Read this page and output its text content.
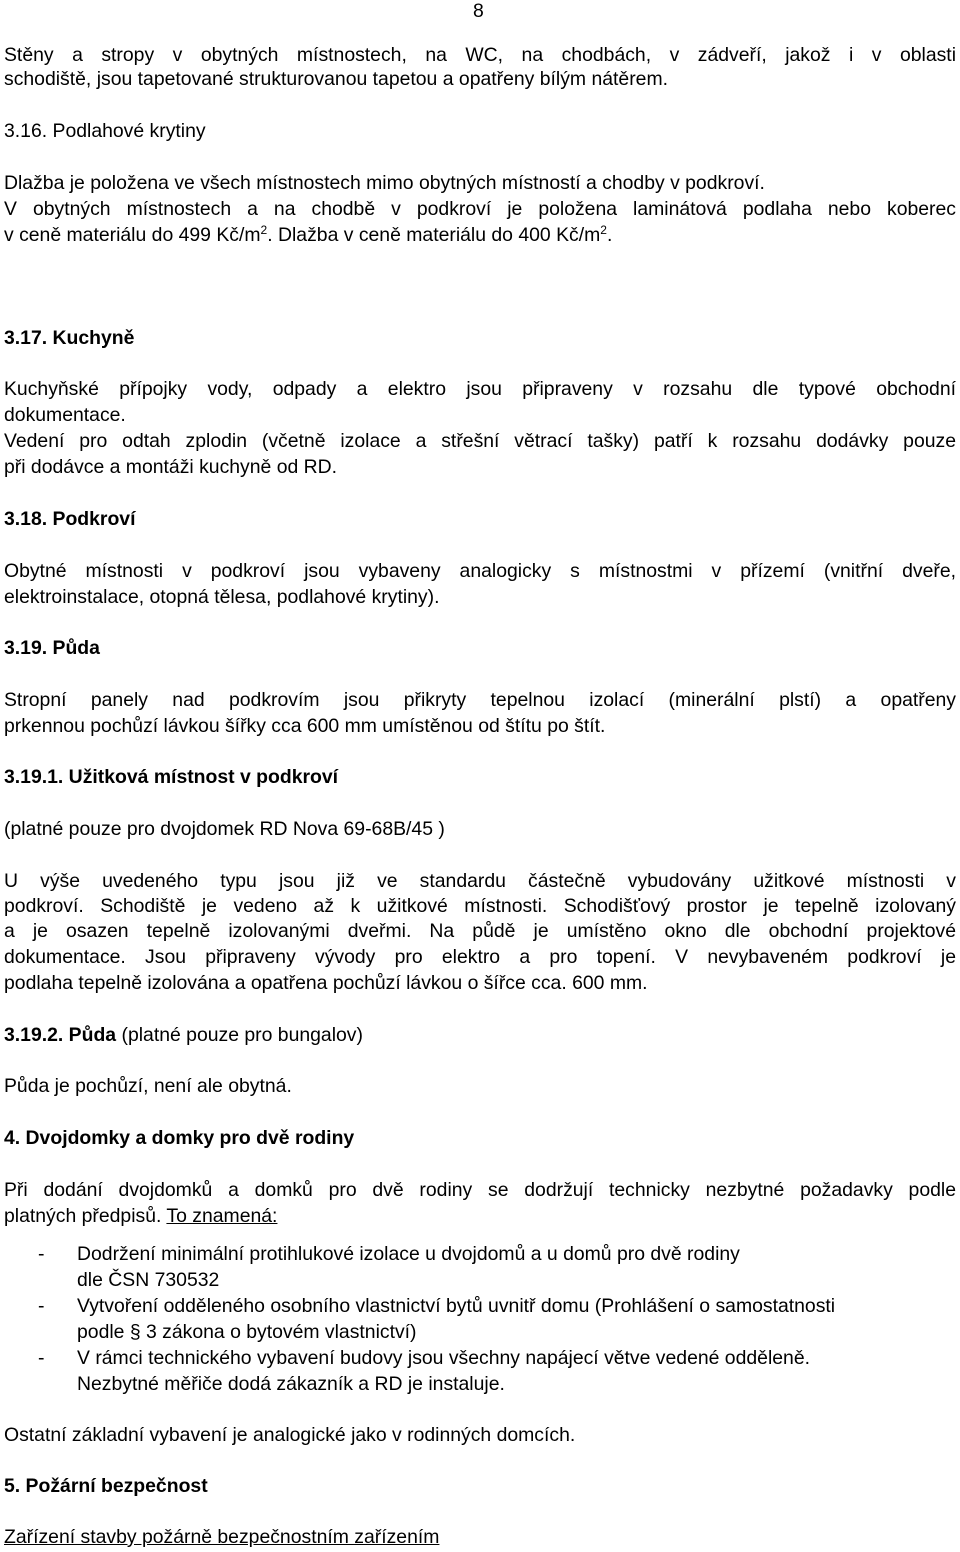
8
Stěny a stropy v obytných místnostech, na WC, na chodbách, v zádveří, jakož i v oblasti
schodiště, jsou tapetované strukturovanou tapetou a opatřeny bílým nátěrem.
3.16. Podlahové krytiny
Dlažba je položena ve všech místnostech mimo obytných místností a chodby v podkroví.
V obytných místnostech a na chodbě v podkroví je položena laminátová podlaha nebo koberec
v ceně materiálu do 499 $Kč/m^2$. Dlažba v ceně materiálu do 400 $Kč/m^2$.
3.17. Kuchyně
Kuchyňské přípojky vody, odpady a elektro jsou připraveny v rozsahu dle typové obchodní
dokumentace.
Vedení pro odtah zplodin (včetně izolace a střešní větrací tašky) patří k rozsahu dodávky pouze
při dodávce a montáži kuchyně od RD.
3.18. Podkroví
Obytné místnosti v podkroví jsou vybaveny analogicky s místnostmi v přízemí (vnitřní dveře,
elektroinstalace, otopná tělesa, podlahové krytiny).
3.19. Půda
Stropní panely nad podkrovím jsou přikryty tepelnou izolací (minerální plstí) a opatřeny
prkennou pochůzí lávkou šířky cca 600 mm umístěnou od štítu po štít.
3.19.1. Užitková místnost v podkroví
(platné pouze pro dvojdomek RD Nova 69-68B/45 )
U výše uvedeného typu jsou již ve standardu částečně vybudovány užitkové místnosti v
podkroví. Schodiště je vedeno až k užitkové místnosti. Schodišťový prostor je tepelně izolovaný
a je osazen tepelně izolovanými dveřmi. Na půdě je umístěno okno dle obchodní projektové
dokumentace. Jsou připraveny vývody pro elektro a pro topení. V nevybaveném podkroví je
podlaha tepelně izolována a opatřena pochůzí lávkou o šířce cca. 600 mm.
3.19.2. Půda (platné pouze pro bungalov)
Půda je pochůzí, není ale obytná.
4. Dvojdomky a domky pro dvě rodiny
Při dodání dvojdomků a domků pro dvě rodiny se dodržují technicky nezbytné požadavky podle
platných předpisů. To znamená:
- Dodržení minimální protihlukové izolace u dvojdomů a u domů pro dvě rodiny
dle ČSN 730532
- Vytvoření odděleného osobního vlastnictví bytů uvnitř domu (Prohlášení o samostatnosti
podle § 3 zákona o bytovém vlastnictví)
- V rámci technického vybavení budovy jsou všechny napájecí větve vedené odděleně.
Nezbytné měřiče dodá zákazník a RD je instaluje.
Ostatní základní vybavení je analogické jako v rodinných domcích.
5. Požární bezpečnost
Zařízení stavby požárně bezpečnostním zařízením
